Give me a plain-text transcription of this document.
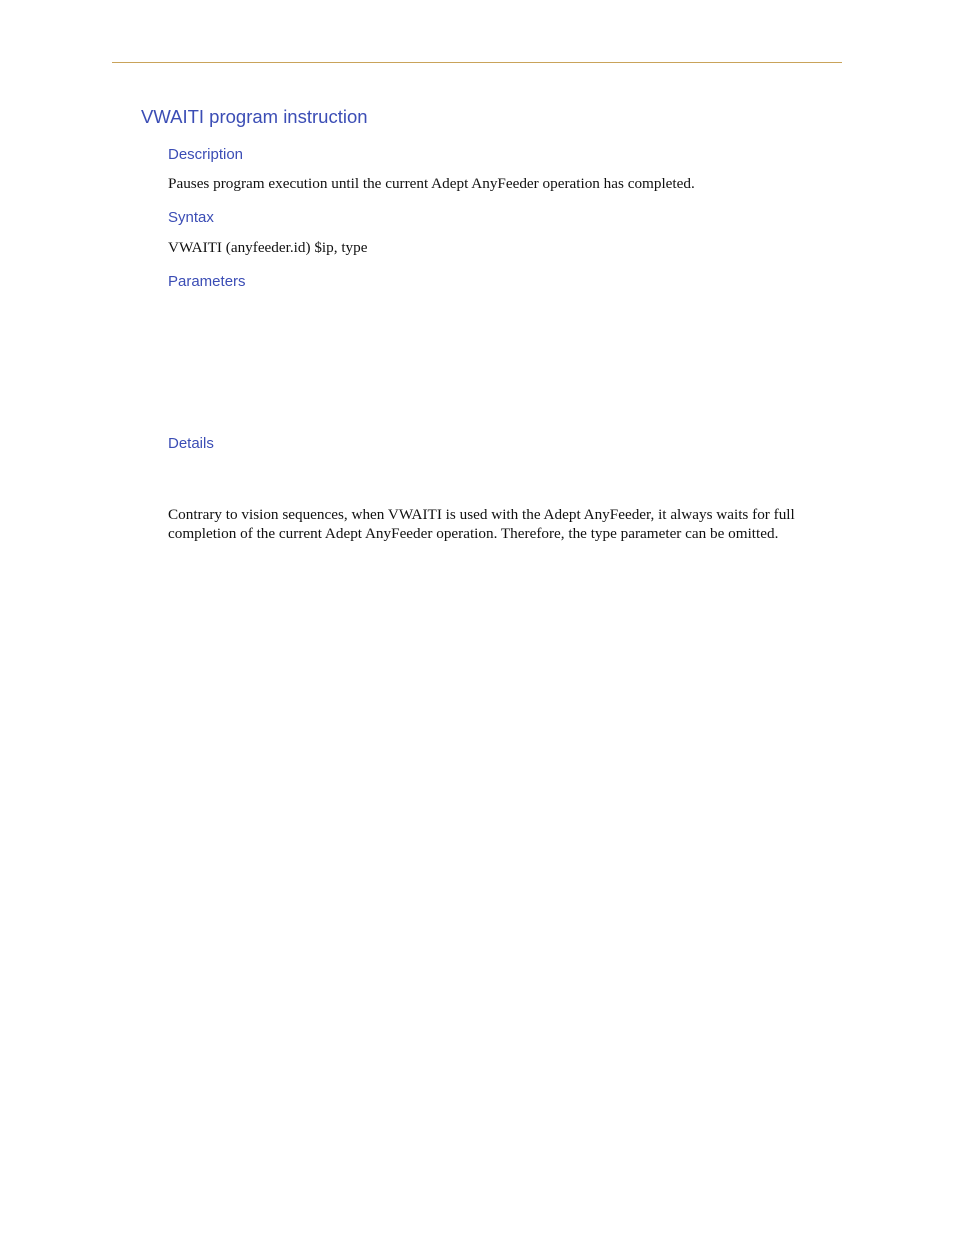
VWAITI program instruction
Description

Pauses program execution until the current Adept AnyFeeder operation has completed.

Syntax

VWAITI (anyfeeder.id) $ip, type

Parameters
Details

Contrary to vision sequences, when VWAITI is used with the Adept AnyFeeder, it always waits for full completion of the current Adept AnyFeeder operation. Therefore, the type parameter can be omitted.
